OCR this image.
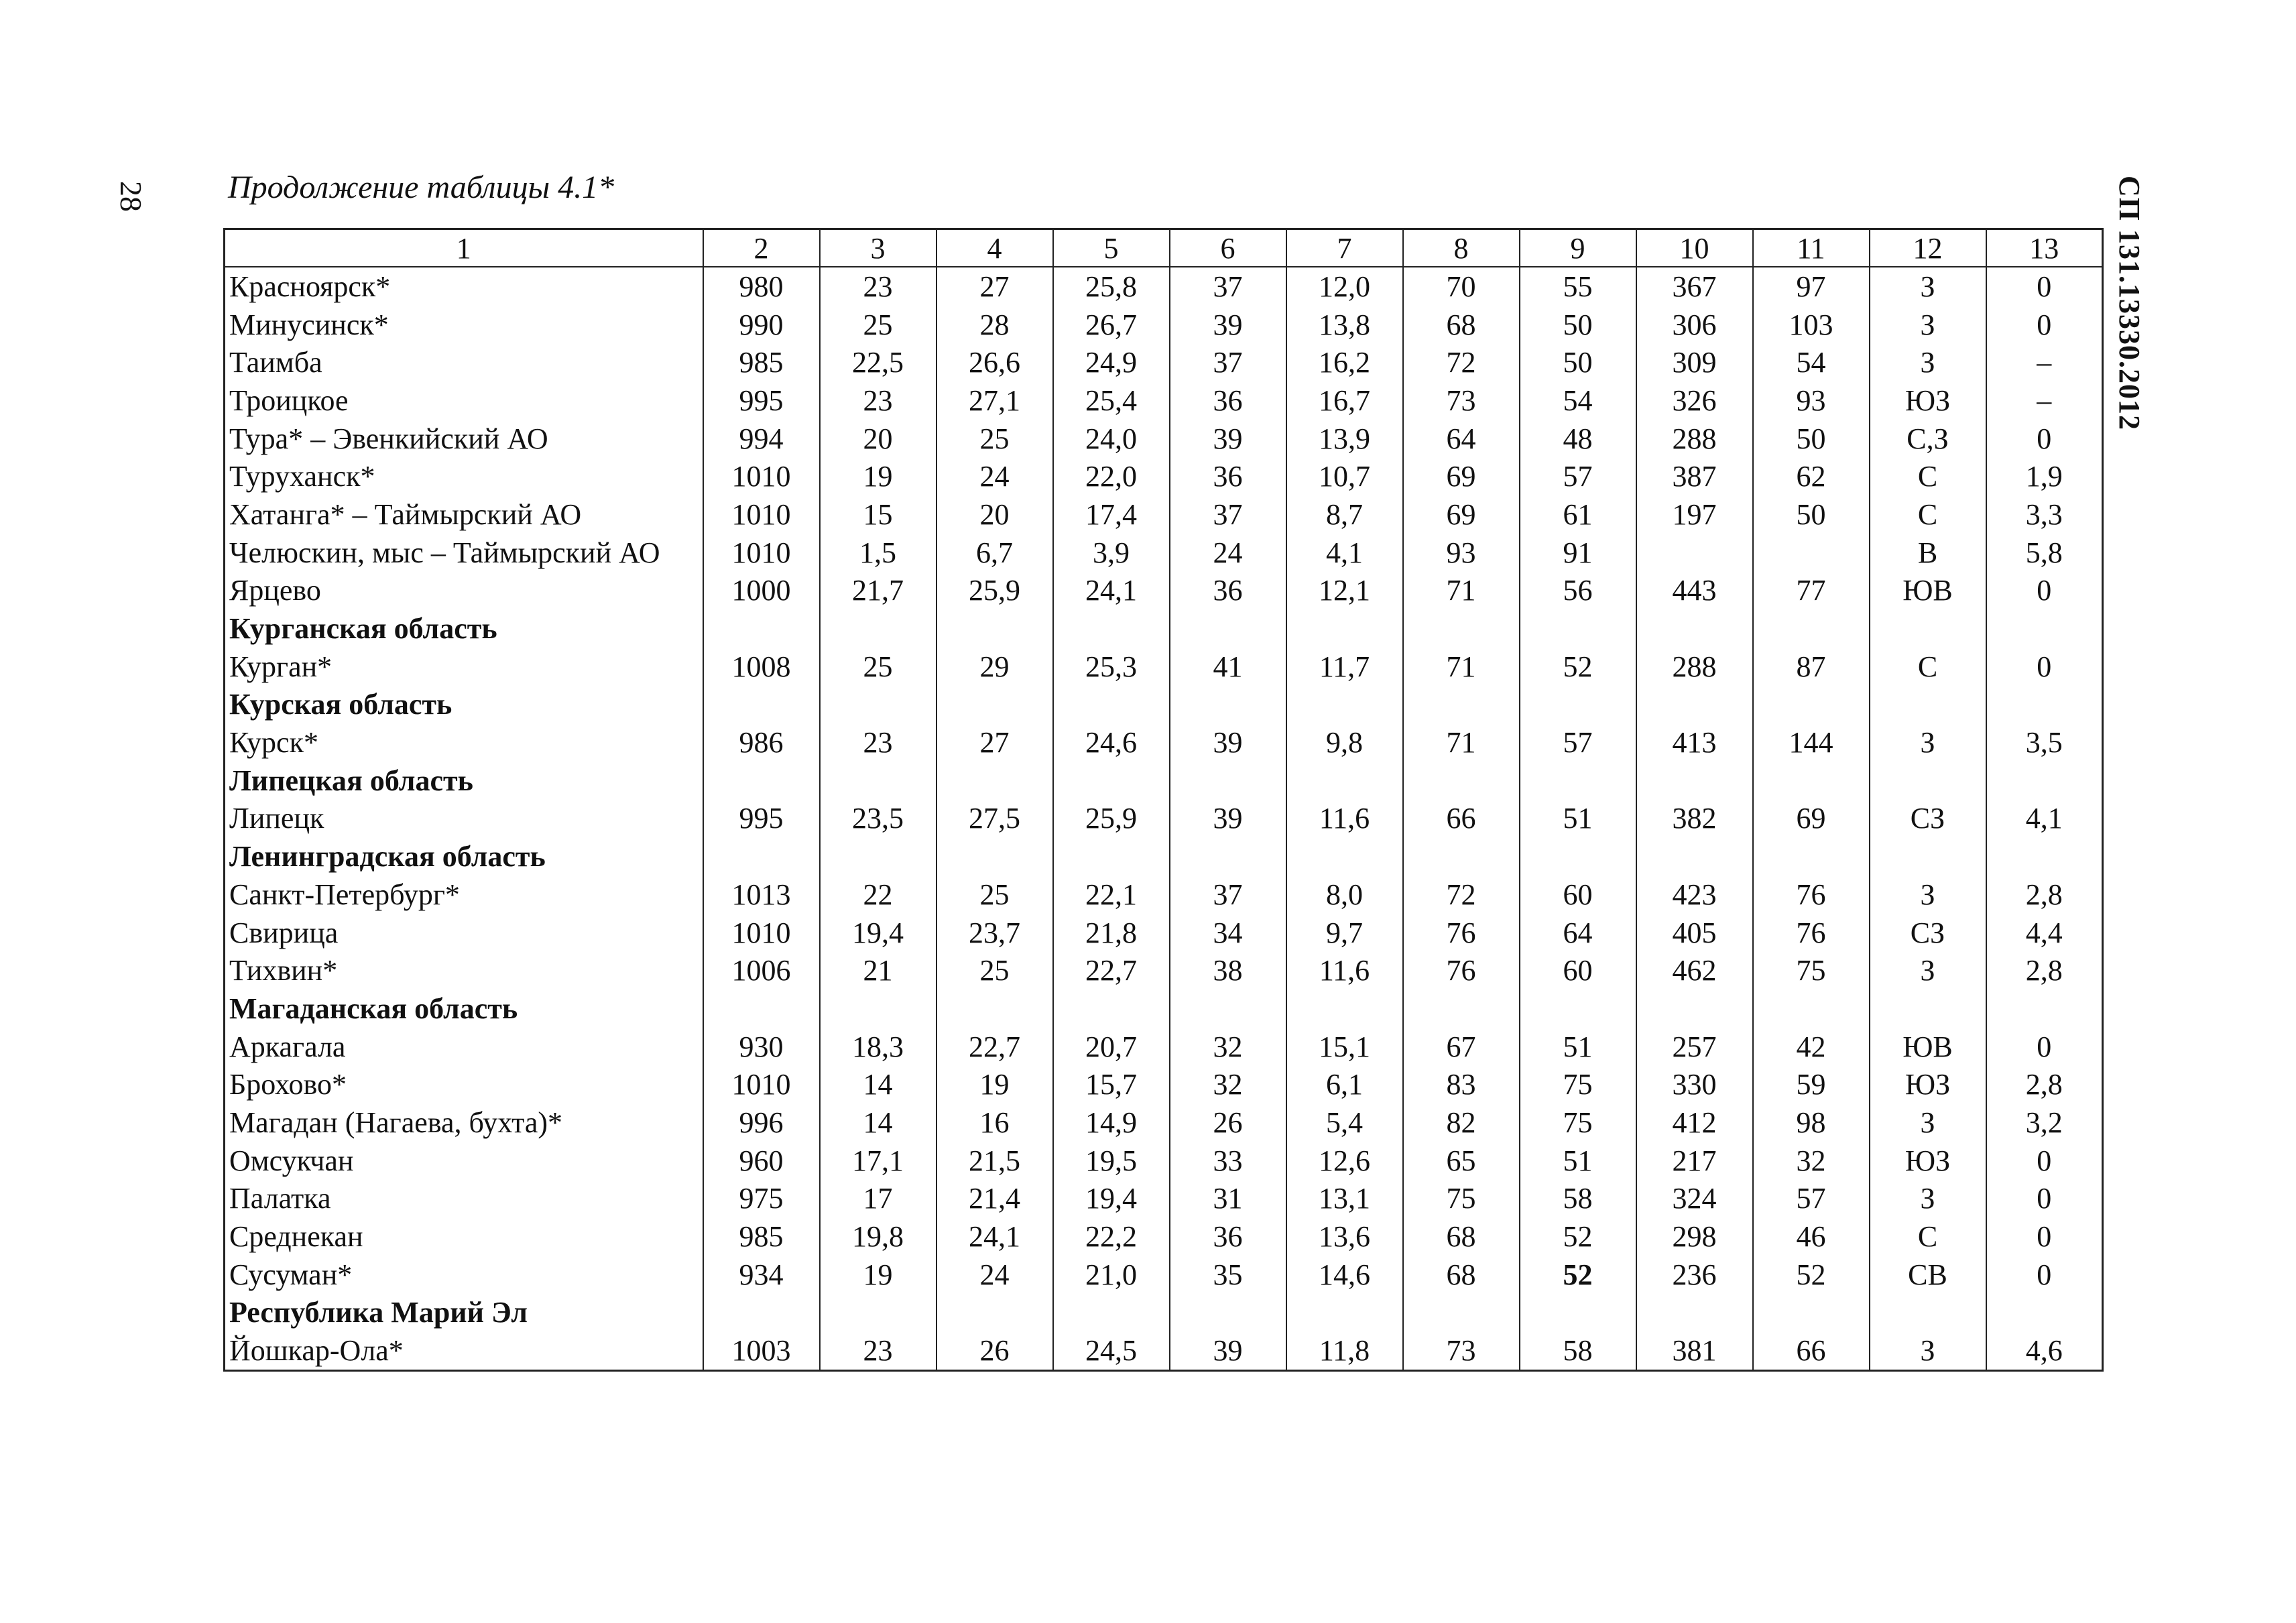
28 Продолжение таблицы 4.1*	СП 131.13330.2012
1	2	3	4	5	6	7	8	9	10	11	12	13
Красноярск*	980	23	27	25,8	37	12,0	70	55	367	97	З	0
Минусинск*	990	25	28	26,7	39	13,8	68	50	306	103	З	0
Таимба	985	22,5	26,6	24,9	37	16,2	72	50	309	54	З	–
Троицкое	995	23	27,1	25,4	36	16,7	73	54	326	93	ЮЗ	–
Тура* – Эвенкийский АО	994	20	25	24,0	39	13,9	64	48	288	50	С,З	0
Туруханск*	1010	19	24	22,0	36	10,7	69	57	387	62	С	1,9
Хатанга* – Таймырский АО	1010	15	20	17,4	37	8,7	69	61	197	50	С	3,3
Челюскин, мыс – Таймырский АО	1010	1,5	6,7	3,9	24	4,1	93	91			В	5,8
Ярцево	1000	21,7	25,9	24,1	36	12,1	71	56	443	77	ЮВ	0
Курганская область												
Курган*	1008	25	29	25,3	41	11,7	71	52	288	87	С	0
Курская область												
Курск*	986	23	27	24,6	39	9,8	71	57	413	144	З	3,5
Липецкая область												
Липецк	995	23,5	27,5	25,9	39	11,6	66	51	382	69	СЗ	4,1
Ленинградская область												
Санкт-Петербург*	1013	22	25	22,1	37	8,0	72	60	423	76	З	2,8
Свирица	1010	19,4	23,7	21,8	34	9,7	76	64	405	76	СЗ	4,4
Тихвин*	1006	21	25	22,7	38	11,6	76	60	462	75	З	2,8
Магаданская область												
Аркагала	930	18,3	22,7	20,7	32	15,1	67	51	257	42	ЮВ	0
Брохово*	1010	14	19	15,7	32	6,1	83	75	330	59	ЮЗ	2,8
Магадан (Нагаева, бухта)*	996	14	16	14,9	26	5,4	82	75	412	98	З	3,2
Омсукчан	960	17,1	21,5	19,5	33	12,6	65	51	217	32	ЮЗ	0
Палатка	975	17	21,4	19,4	31	13,1	75	58	324	57	З	0
Среднекан	985	19,8	24,1	22,2	36	13,6	68	52	298	46	С	0
Сусуман*	934	19	24	21,0	35	14,6	68	52	236	52	СВ	0
Республика Марий Эл												
Йошкар-Ола*	1003	23	26	24,5	39	11,8	73	58	381	66	З	4,6
